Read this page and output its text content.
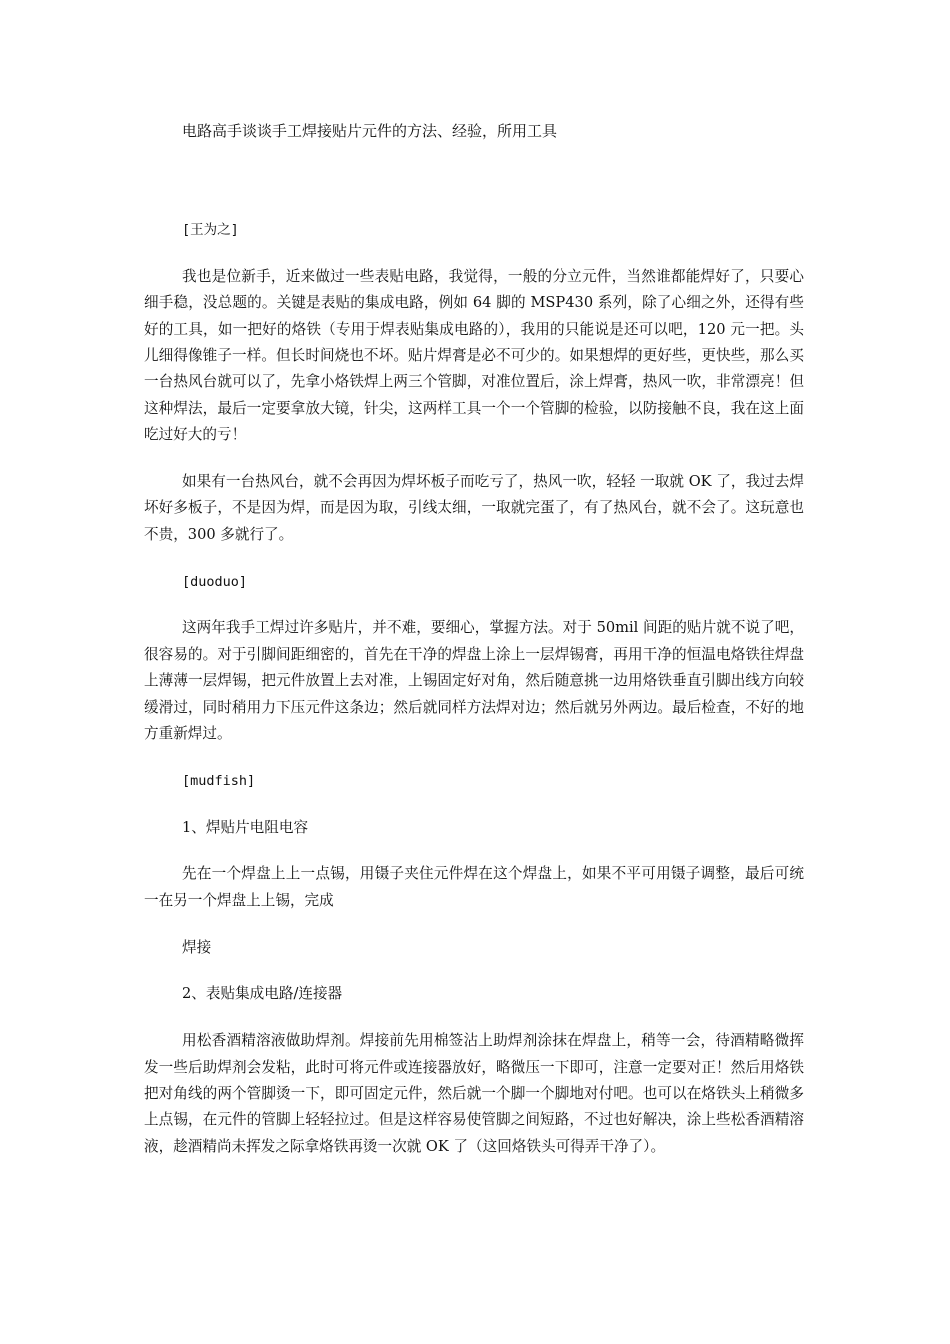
电路高手谈谈手工焊接贴片元件的方法、经验，所用工具

[王为之]

我也是位新手，近来做过一些表贴电路，我觉得，一般的分立元件，当然谁都能焊好了，只要心细手稳，没总题的。关键是表贴的集成电路，例如 64 脚的 MSP430 系列，除了心细之外，还得有些好的工具，如一把好的烙铁（专用于焊表贴集成电路的），我用的只能说是还可以吧，120 元一把。头儿细得像锥子一样。但长时间烧也不坏。贴片焊膏是必不可少的。如果想焊的更好些，更快些，那么买 一台热风台就可以了，先拿小烙铁焊上两三个管脚，对准位置后，涂上焊膏，热风一吹，非常漂亮！但这种焊法，最后一定要拿放大镜，针尖，这两样工具一个一个管脚的检验，以防接触不良，我在这上面吃过好大的亏！

如果有一台热风台，就不会再因为焊坏板子而吃亏了，热风一吹，轻轻 一取就 OK 了，我过去焊坏好多板子，不是因为焊，而是因为取，引线太细，一取就完蛋了，有了热风台，就不会了。这玩意也不贵，300 多就行了。

[duoduo]

这两年我手工焊过许多贴片，并不难，要细心，掌握方法。对于 50mil 间距的贴片就不说了吧，很容易的。对于引脚间距细密的，首先在干净的焊盘上涂上一层焊锡膏，再用干净的恒温电烙铁往焊盘上薄薄一层焊锡，把元件放置上去对准，上锡固定好对角，然后随意挑一边用烙铁垂直引脚出线方向较缓滑过，同时稍用力下压元件这条边；然后就同样方法焊对边；然后就另外两边。最后检查，不好的地方重新焊过。

[mudfish]

1、焊贴片电阻电容

先在一个焊盘上上一点锡，用镊子夹住元件焊在这个焊盘上，如果不平可用镊子调整，最后可统一在另一个焊盘上上锡，完成

焊接

2、表贴集成电路/连接器

用松香酒精溶液做助焊剂。焊接前先用棉签沾上助焊剂涂抹在焊盘上，稍等一会，待酒精略微挥发一些后助焊剂会发粘，此时可将元件或连接器放好，略微压一下即可，注意一定要对正！然后用烙铁把对角线的两个管脚烫一下，即可固定元件，然后就一个脚一个脚地对付吧。也可以在烙铁头上稍微多上点锡，在元件的管脚上轻轻拉过。但是这样容易使管脚之间短路，不过也好解决，涂上些松香酒精溶液，趁酒精尚未挥发之际拿烙铁再烫一次就 OK 了（这回烙铁头可得弄干净了）。
